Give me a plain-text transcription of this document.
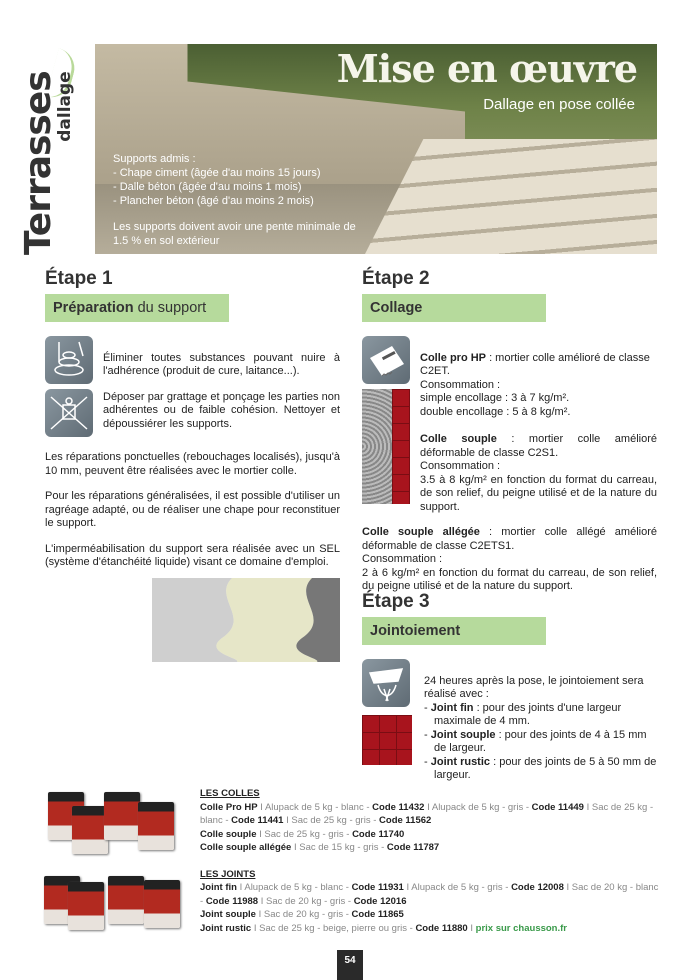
Terrasses
dallage
Mise en œuvre
Dallage en pose collée

Supports admis :

- Chape ciment (âgée d'au moins 15 jours)

- Dalle béton (âgée d'au moins 1 mois)

- Plancher béton (âgé d'au moins 2 mois)

Les supports doivent avoir une pente minimale de

1.5 % en sol extérieur

Étape 1
Préparation du support

Éliminer toutes substances pouvant nuire à l'adhérence (produit de cure, laitance...).

Déposer par grattage et ponçage les parties non adhérentes ou de faible cohésion. Nettoyer et dépoussiérer les supports.

Les réparations ponctuelles (rebouchages localisés), jusqu'à 10 mm, peuvent être réalisées avec le mortier colle.

Pour les réparations généralisées, il est possible d'utiliser un ragréage adapté, ou de réaliser une chape pour reconstituer le support.

L'imperméabilisation du support sera réalisée avec un SEL (système d'étanchéité liquide) visant ce domaine d'emploi.

Étape 2
Collage
Colle pro HP : mortier colle amélioré de classe C2ET.
Consommation :
simple encollage : 3 à 7 kg/m².
double encollage : 5 à 8 kg/m².
Colle souple : mortier colle amélioré déformable de classe C2S1.
Consommation :
3.5 à 8 kg/m² en fonction du format du carreau, de son relief, du peigne utilisé et de la nature du support.
Colle souple allégée : mortier colle allégé amélioré déformable de classe C2ETS1.
Consommation :
2 à 6 kg/m² en fonction du format du carreau, de son relief, du peigne utilisé et de la nature du support.
Étape 3
Jointoiement
24 heures après la pose, le jointoiement sera réalisé avec :
- Joint fin : pour des joints d'une largeur maximale de 4 mm.
- Joint souple : pour des joints de 4 à 15 mm de largeur.
- Joint rustic : pour des joints de 5 à 50 mm de largeur.
LES COLLES
Colle Pro HP I Alupack de 5 kg - blanc - Code 11432 I Alupack de 5 kg - gris - Code 11449 I Sac de 25 kg - blanc - Code 11441 I Sac de 25 kg - gris - Code 11562
Colle souple I Sac de 25 kg - gris - Code 11740
Colle souple allégée I Sac de 15 kg - gris - Code 11787
LES JOINTS
Joint fin I Alupack de 5 kg - blanc - Code 11931 I Alupack de 5 kg - gris - Code 12008 I Sac de 20 kg - blanc - Code 11988 I Sac de 20 kg - gris - Code 12016
Joint souple I Sac de 20 kg - gris - Code 11865
Joint rustic I Sac de 25 kg - beige, pierre ou gris - Code 11880 I prix sur chausson.fr
54
